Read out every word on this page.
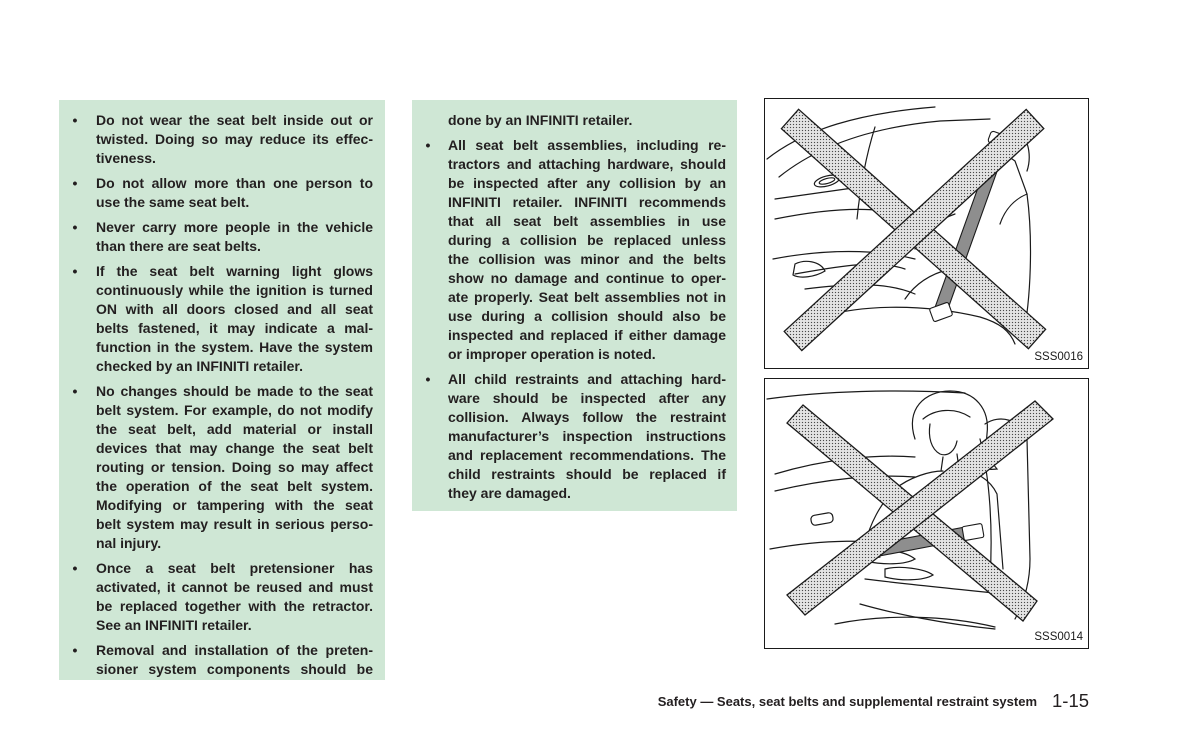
• Do not wear the seat belt inside out or
twisted. Doing so may reduce its effec-
tiveness.
• Do not allow more than one person to
use the same seat belt.
• Never carry more people in the vehicle
than there are seat belts.
• If the seat belt warning light glows
continuously while the ignition is turned
ON with all doors closed and all seat
belts fastened, it may indicate a mal-
function in the system. Have the system
checked by an INFINITI retailer.
• No changes should be made to the seat
belt system. For example, do not modify
the seat belt, add material or install
devices that may change the seat belt
routing or tension. Doing so may affect
the operation of the seat belt system.
Modifying or tampering with the seat
belt system may result in serious perso-
nal injury.
• Once a seat belt pretensioner has
activated, it cannot be reused and must
be replaced together with the retractor.
See an INFINITI retailer.
• Removal and installation of the preten-
sioner system components should be
done by an INFINITI retailer.
• All seat belt assemblies, including re-
tractors and attaching hardware, should
be inspected after any collision by an
INFINITI retailer. INFINITI recommends
that all seat belt assemblies in use
during a collision be replaced unless
the collision was minor and the belts
show no damage and continue to oper-
ate properly. Seat belt assemblies not in
use during a collision should also be
inspected and replaced if either damage
or improper operation is noted.
• All child restraints and attaching hard-
ware should be inspected after any
collision. Always follow the restraint
manufacturer’s inspection instructions
and replacement recommendations. The
child restraints should be replaced if
they are damaged.
SSS0016
SSS0014
Safety — Seats, seat belts and supplemental restraint system 1-15
